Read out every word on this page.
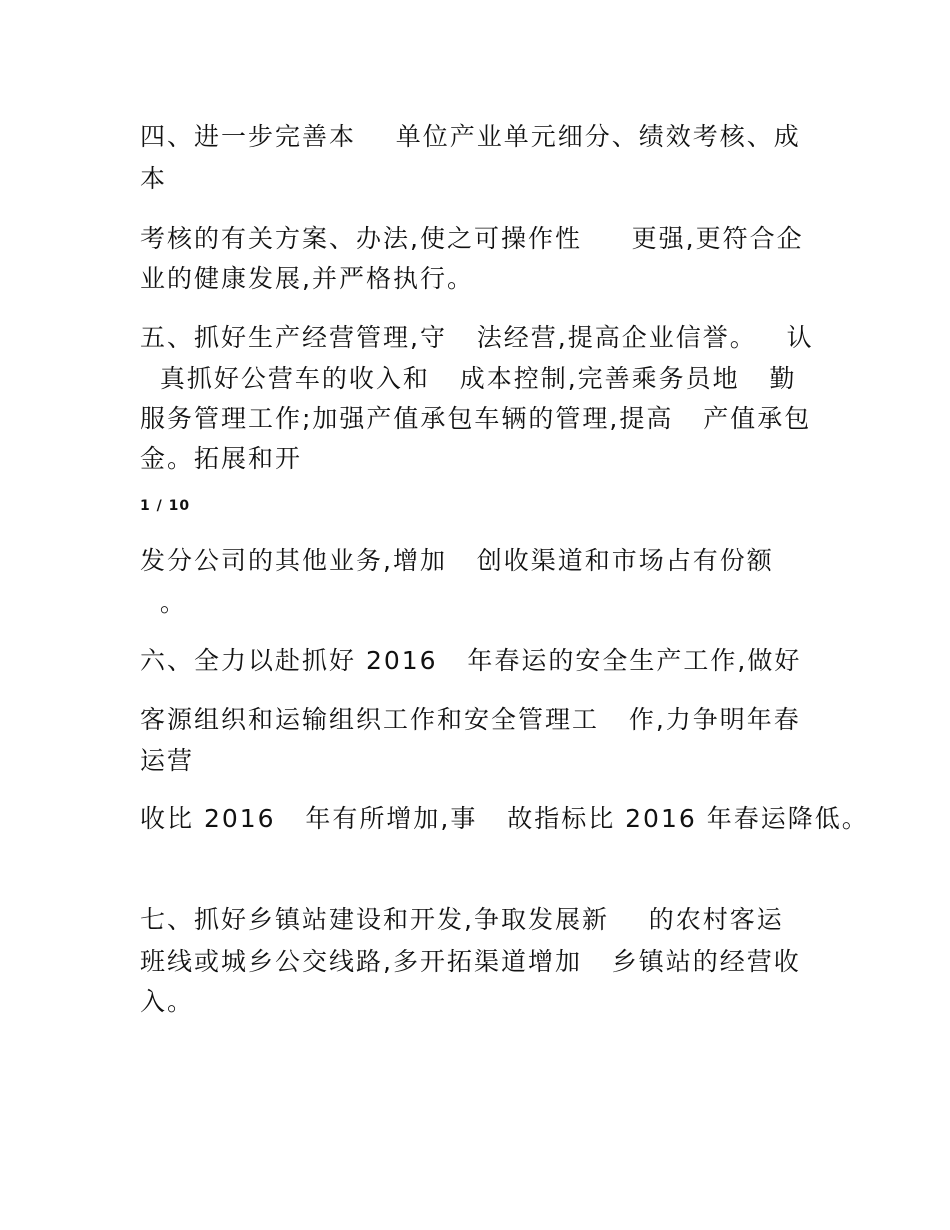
四、进一步完善本    单位产业单元细分、绩效考核、成
本
考核的有关方案、办法,使之可操作性     更强,更符合企
业的健康发展,并严格执行。
五、抓好生产经营管理,守   法经营,提高企业信誉。   认
真抓好公营车的收入和   成本控制,完善乘务员地   勤
服务管理工作;加强产值承包车辆的管理,提高   产值承包
金。拓展和开
1 / 10
发分公司的其他业务,增加   创收渠道和市场占有份额
。
六、全力以赴抓好 2016   年春运的安全生产工作,做好
客源组织和运输组织工作和安全管理工   作,力争明年春
运营
收比 2016   年有所增加,事   故指标比 2016 年春运降低。
七、抓好乡镇站建设和开发,争取发展新    的农村客运
班线或城乡公交线路,多开拓渠道增加   乡镇站的经营收
入。
